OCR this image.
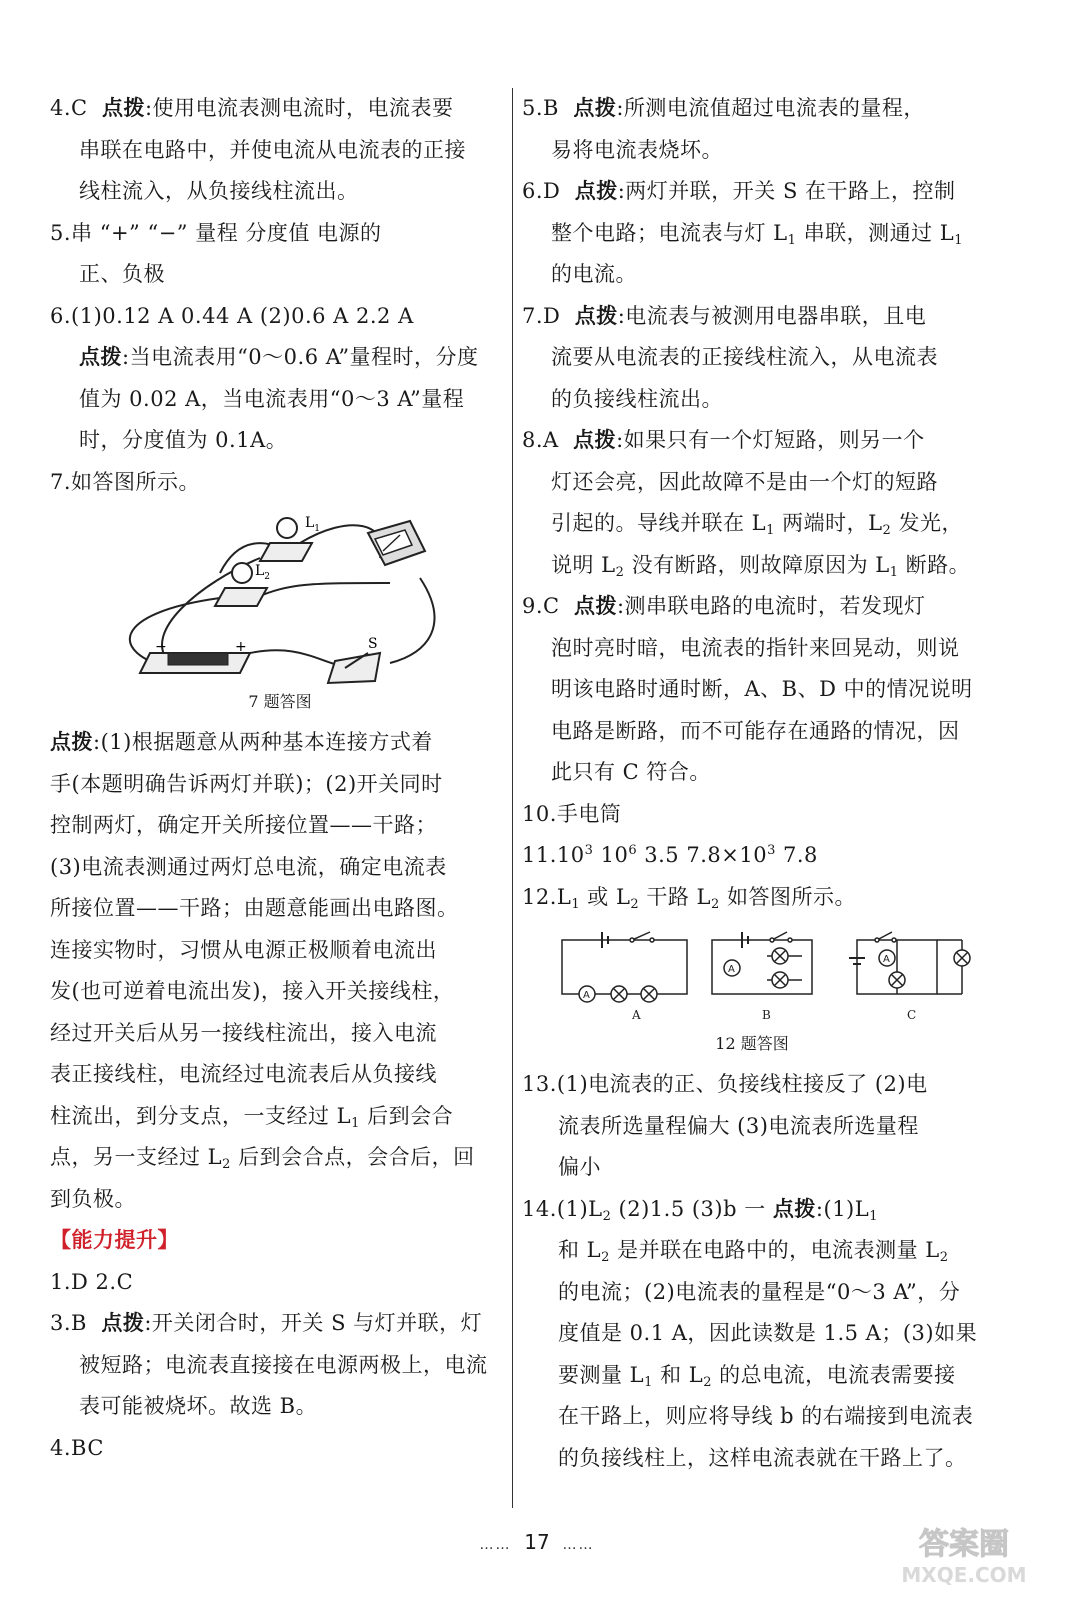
4.C 点拨:使用电流表测电流时，电流表要
串联在电路中，并使电流从电流表的正接
线柱流入，从负接线柱流出。
5.串 “+” “−” 量程 分度值 电源的
正、负极
6.(1)0.12 A 0.44 A (2)0.6 A 2.2 A
点拨:当电流表用“0～0.6 A”量程时，分度
值为 0.02 A，当电流表用“0～3 A”量程
时，分度值为 0.1A。
7.如答图所示。
$L_1$
$L_2$
−	+	S
7 题答图
点拨:(1)根据题意从两种基本连接方式着
手(本题明确告诉两灯并联)；(2)开关同时
控制两灯，确定开关所接位置——干路；
(3)电流表测通过两灯总电流，确定电流表
所接位置——干路；由题意能画出电路图。
连接实物时，习惯从电源正极顺着电流出
发(也可逆着电流出发)，接入开关接线柱，
经过开关后从另一接线柱流出，接入电流
表正接线柱，电流经过电流表后从负接线
柱流出，到分支点，一支经过 $L_1$ 后到会合
点，另一支经过 $L_2$ 后到会合点，会合后，回
到负极。
【能力提升】
1.D 2.C
3.B 点拨:开关闭合时，开关 S 与灯并联，灯
被短路；电流表直接接在电源两极上，电流
表可能被烧坏。故选 B。
4.BC
5.B 点拨:所测电流值超过电流表的量程，
易将电流表烧坏。
6.D 点拨:两灯并联，开关 S 在干路上，控制
整个电路；电流表与灯 $L_1$ 串联，测通过 $L_1$
的电流。
7.D 点拨:电流表与被测用电器串联，且电
流要从电流表的正接线柱流入，从电流表
的负接线柱流出。
8.A 点拨:如果只有一个灯短路，则另一个
灯还会亮，因此故障不是由一个灯的短路
引起的。导线并联在 $L_1$ 两端时，$L_2$ 发光，
说明 $L_2$ 没有断路，则故障原因为 $L_1$ 断路。
9.C 点拨:测串联电路的电流时，若发现灯
泡时亮时暗，电流表的指针来回晃动，则说
明该电路时通时断，A、B、D 中的情况说明
电路是断路，而不可能存在通路的情况，因
此只有 C 符合。
10.手电筒
11.10$^3$ $10^6$ 3.5 $7.8\times 10^3$ 7.8
$12.L_1$ 或 $L_2$ 干路 $L_2$ 如答图所示。
A
A
A
A	B	C
12 题答图
13.(1)电流表的正、负接线柱接反了 (2)电
流表所选量程偏大 (3)电流表所选量程
偏小
$14.(1)L_2$ (2)1.5 (3)b 一 点拨$:(1)L_1$
和 $L_2$ 是并联在电路中的，电流表测量 $L_2$
的电流；(2)电流表的量程是“0～3 A”，分
度值是 0.1 A，因此读数是 1.5 A；(3)如果
要测量 $L_1$ 和 $L_2$ 的总电流，电流表需要接
在干路上，则应将导线 b 的右端接到电流表
的负接线柱上，这样电流表就在干路上了。
…… 17 ……	答案圈
MXQE.COM
